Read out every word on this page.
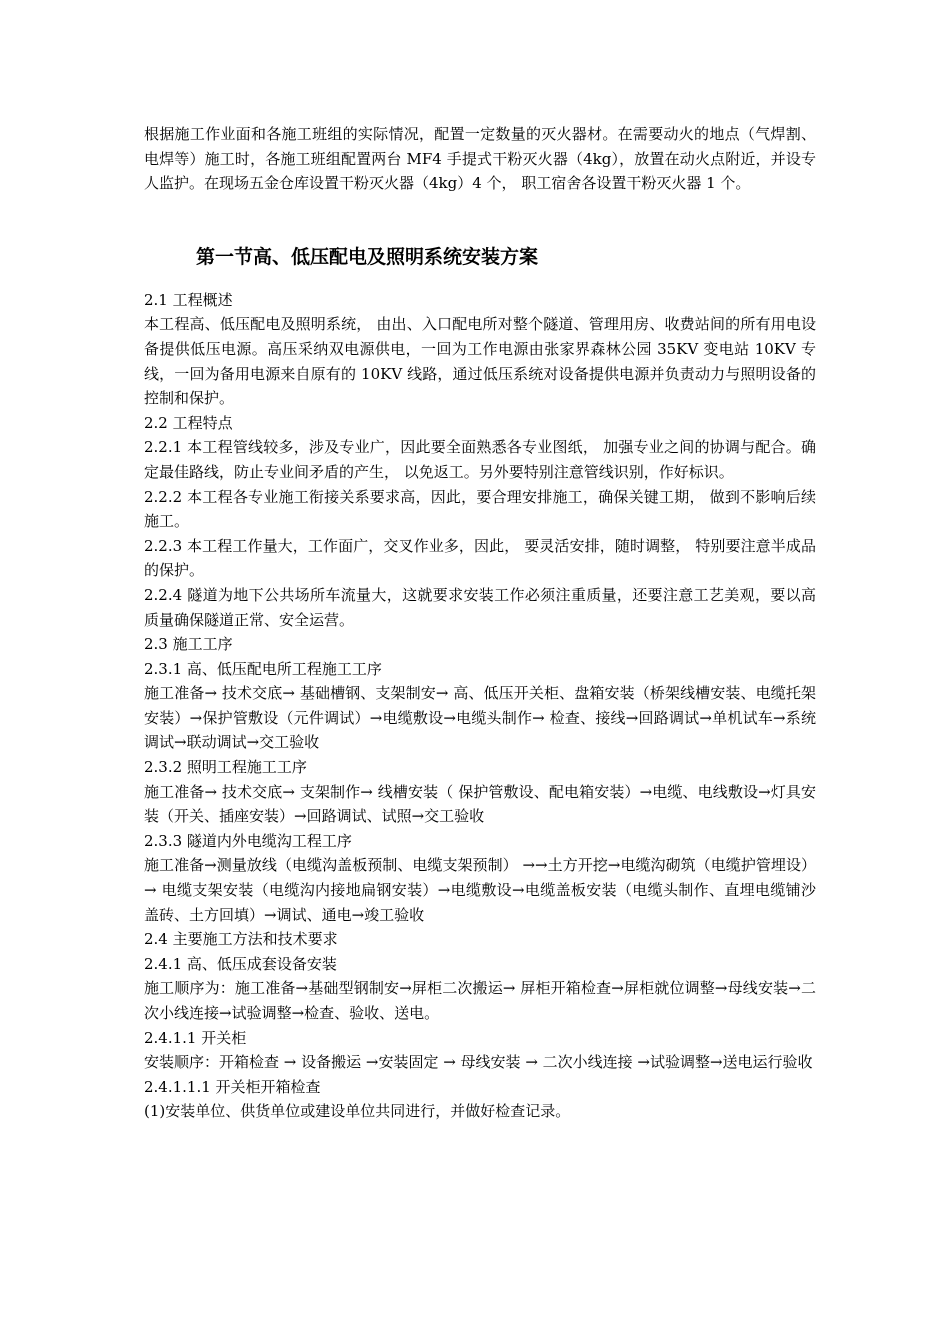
根据施工作业面和各施工班组的实际情况，配置一定数量的灭火器材。在需要动火的地点（气焊割、电焊等）施工时，各施工班组配置两台 MF4 手提式干粉灭火器（4kg），放置在动火点附近，并设专人监护。在现场五金仓库设置干粉灭火器（4kg）4 个， 职工宿舍各设置干粉灭火器 1 个。

第一节高、低压配电及照明系统安装方案

2.1 工程概述

本工程高、低压配电及照明系统， 由出、入口配电所对整个隧道、管理用房、收费站间的所有用电设备提供低压电源。高压采纳双电源供电，一回为工作电源由张家界森林公园 35KV 变电站 10KV 专线，一回为备用电源来自原有的 10KV 线路，通过低压系统对设备提供电源并负责动力与照明设备的控制和保护。

2.2 工程特点

2.2.1 本工程管线较多，涉及专业广，因此要全面熟悉各专业图纸， 加强专业之间的协调与配合。确定最佳路线，防止专业间矛盾的产生， 以免返工。另外要特别注意管线识别，作好标识。

2.2.2 本工程各专业施工衔接关系要求高，因此，要合理安排施工，确保关键工期， 做到不影响后续施工。

2.2.3 本工程工作量大，工作面广，交叉作业多，因此， 要灵活安排，随时调整， 特别要注意半成品的保护。

2.2.4 隧道为地下公共场所车流量大，这就要求安装工作必须注重质量，还要注意工艺美观，要以高质量确保隧道正常、安全运营。

2.3 施工工序

2.3.1 高、低压配电所工程施工工序

施工准备→ 技术交底→ 基础槽钢、支架制安→ 高、低压开关柜、盘箱安装（桥架线槽安装、电缆托架安装）→保护管敷设（元件调试）→电缆敷设→电缆头制作→ 检查、接线→回路调试→单机试车→系统调试→联动调试→交工验收

2.3.2 照明工程施工工序

施工准备→ 技术交底→ 支架制作→ 线槽安装（ 保护管敷设、配电箱安装）→电缆、电线敷设→灯具安装（开关、插座安装）→回路调试、试照→交工验收

2.3.3 隧道内外电缆沟工程工序

施工准备→测量放线（电缆沟盖板预制、电缆支架预制） →→土方开挖→电缆沟砌筑（电缆护管埋设）→ 电缆支架安装（电缆沟内接地扁钢安装）→电缆敷设→电缆盖板安装（电缆头制作、直埋电缆铺沙盖砖、土方回填）→调试、通电→竣工验收

2.4 主要施工方法和技术要求

2.4.1 高、低压成套设备安装

施工顺序为：施工准备→基础型钢制安→屏柜二次搬运→ 屏柜开箱检查→屏柜就位调整→母线安装→二次小线连接→试验调整→检查、验收、送电。

2.4.1.1 开关柜

安装顺序：开箱检查 → 设备搬运 →安装固定 → 母线安装 → 二次小线连接 →试验调整→送电运行验收

2.4.1.1.1 开关柜开箱检查

(1)安装单位、供货单位或建设单位共同进行，并做好检查记录。
